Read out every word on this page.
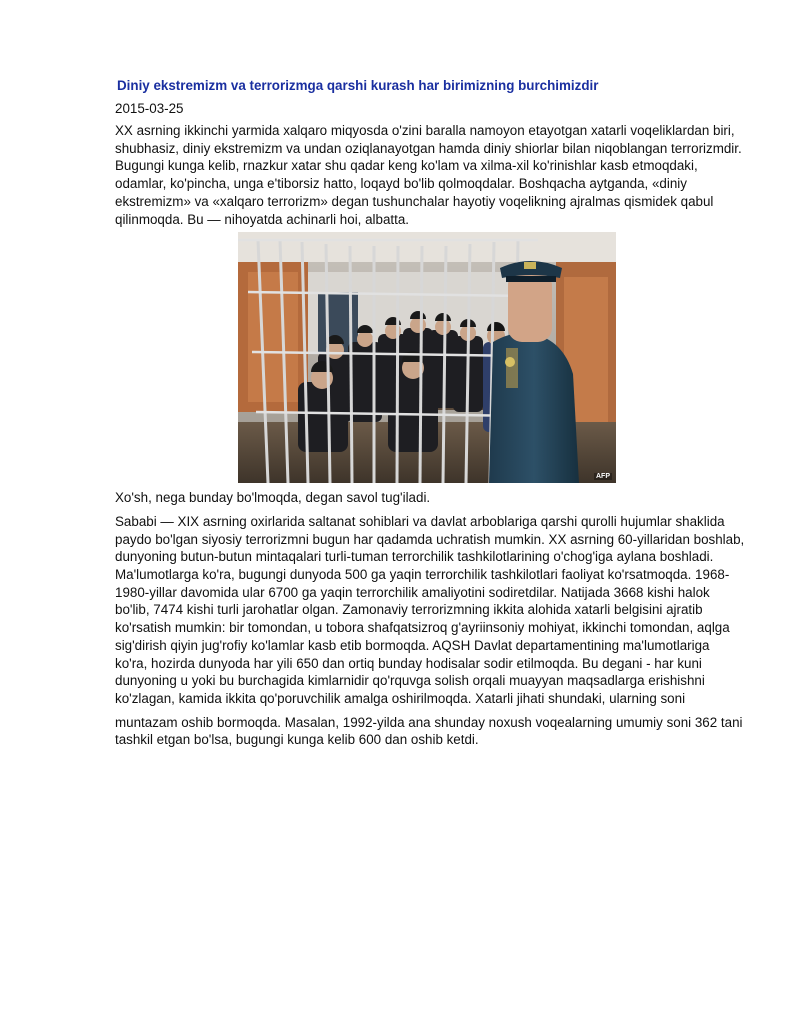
Diniy ekstremizm va terrorizmga qarshi kurash har birimizning burchimizdir
2015-03-25

XX asrning ikkinchi yarmida xalqaro miqyosda o'zini baralla namoyon etayotgan xatarli voqeliklardan biri, shubhasiz, diniy ekstremizm va undan oziqlanayotgan hamda diniy shiorlar bilan niqoblangan terrorizmdir. Bugungi kunga kelib, rnazkur xatar shu qadar keng ko'lam va xilma-xil ko'rinishlar kasb etmoqdaki, odamlar, ko'pincha, unga e'tiborsiz hatto, loqayd bo'lib qolmoqdalar. Boshqacha aytganda, «diniy ekstremizm» va «xalqaro terrorizm» degan tushunchalar hayotiy voqelikning ajralmas qismidek qabul qilinmoqda. Bu — nihoyatda achinarli hoi, albatta.

AFP

Xo'sh, nega bunday bo'lmoqda, degan savol tug'iladi.

Sababi — XIX asrning oxirlarida saltanat sohiblari va davlat arboblariga qarshi qurolli hujumlar shaklida paydo bo'lgan siyosiy terrorizmni bugun har qadamda uchratish mumkin. XX asrning 60-yillaridan boshlab, dunyoning butun-butun mintaqalari turli-tuman terrorchilik tashkilotlarining o'chog'iga aylana boshladi. Ma'lumotlarga ko'ra, bugungi dunyoda 500 ga yaqin terrorchilik tashkilotlari faoliyat ko'rsatmoqda. 1968-1980-yillar davomida ular 6700 ga yaqin terrorchilik amaliyotini sodiretdilar. Natijada 3668 kishi halok bo'lib, 7474 kishi turli jarohatlar olgan. Zamonaviy terrorizmning ikkita alohida xatarli belgisini ajratib ko'rsatish mumkin: bir tomondan, u tobora shafqatsizroq g'ayriinsoniy mohiyat, ikkinchi tomondan, aqlga sig'dirish qiyin jug'rofiy ko'lamlar kasb etib bormoqda. AQSH Davlat departamentining ma'lumotlariga ko'ra, hozirda dunyoda har yili 650 dan ortiq bunday hodisalar sodir etilmoqda. Bu degani - har kuni dunyoning u yoki bu burchagida kimlarnidir qo'rquvga solish orqali muayyan maqsadlarga erishishni ko'zlagan, kamida ikkita qo'poruvchilik amalga oshirilmoqda. Xatarli jihati shundaki, ularning soni

muntazam oshib bormoqda. Masalan, 1992-yilda ana shunday noxush voqealarning umumiy soni 362 tani tashkil etgan bo'lsa, bugungi kunga kelib 600 dan oshib ketdi.
